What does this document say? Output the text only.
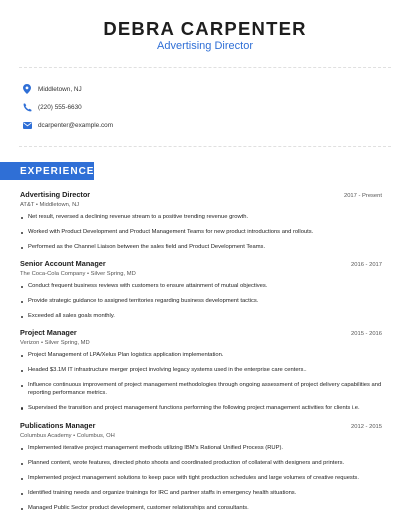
DEBRA CARPENTER
Advertising Director
Middletown, NJ
(220) 555-6630
dcarpenter@example.com
EXPERIENCE
Advertising Director	2017 - Present
AT&T • Middletown, NJ
Net result, reversed a declining revenue stream to a positive trending revenue growth.
Worked with Product Development and Product Management Teams for new product introductions and rollouts.
Performed as the Channel Liaison between the sales field and Product Development Teams.
Senior Account Manager	2016 - 2017
The Coca-Cola Company • Silver Spring, MD
Conduct frequent business reviews with customers to ensure attainment of mutual objectives.
Provide strategic guidance to assigned territories regarding business development tactics.
Exceeded all sales goals monthly.
Project Manager	2015 - 2016
Verizon • Silver Spring, MD
Project Management of LPA/Xelus Plan logistics application implementation.
Headed $3.1M IT infrastructure merger project involving legacy systems used in the enterprise care centers..
Influence continuous improvement of project management methodologies through ongoing assessment of project delivery capabilities and reporting performance metrics.
Supervised the transition and project management functions performing the following project management activities for clients i.e.
Publications Manager	2012 - 2015
Columbus Academy • Columbus, OH
Implemented iterative project management methods utilizing IBM's Rational Unified Process (RUP).
Planned content, wrote features, directed photo shoots and coordinated production of collateral with designers and printers.
Implemented project management solutions to keep pace with tight production schedules and large volumes of creative requests.
Identified training needs and organize trainings for IRC and partner staffs in emergency health situations.
Managed Public Sector product development, customer relationships and consultants.
